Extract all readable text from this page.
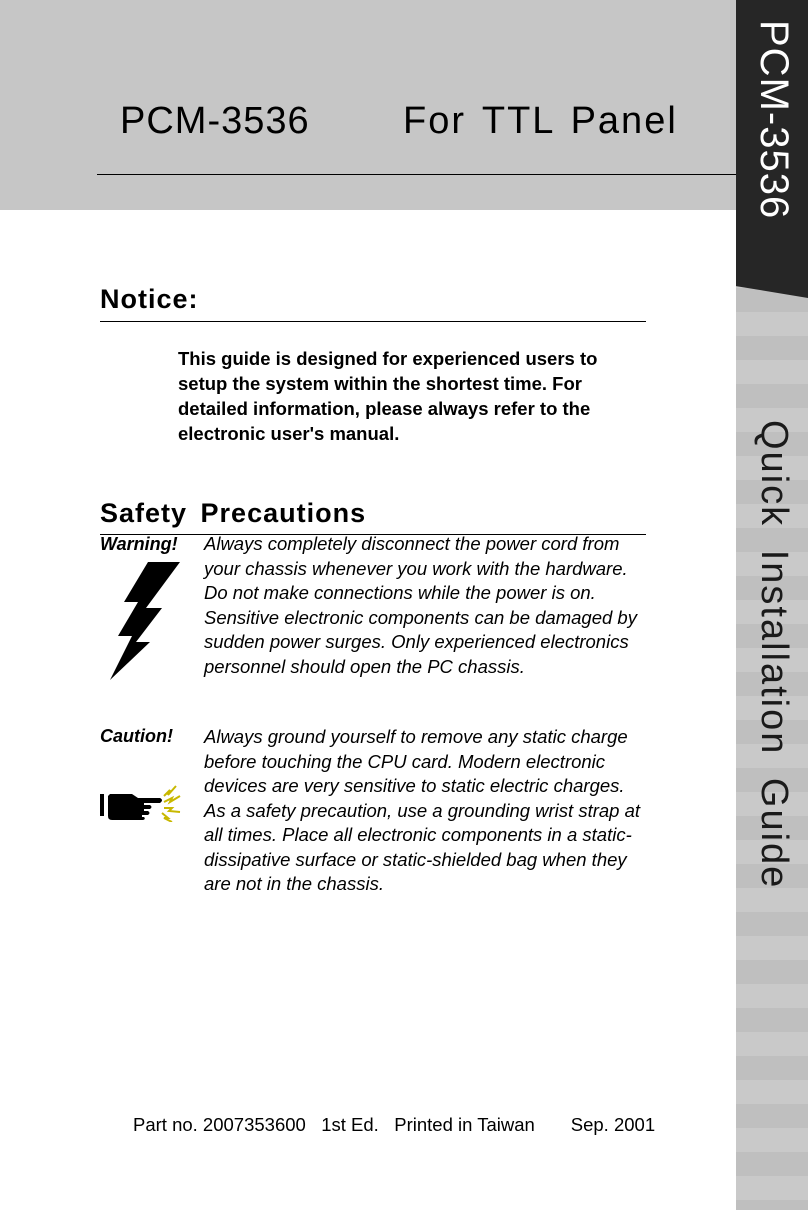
PCM-3536 For TTL Panel PCM-3536
Quick Installation Guide
Notice:
This guide is designed for experienced users to setup the system within the shortest time. For detailed information, please always refer to the electronic user's manual.
Safety Precautions
Warning! Always completely disconnect the power cord from your chassis whenever you work with the hardware. Do not make connections while the power is on. Sensitive electronic components can be damaged by sudden power surges. Only experienced electronics personnel should open the PC chassis.
Caution! Always ground yourself to remove any static charge before touching the CPU card. Modern electronic devices are very sensitive to static electric charges. As a safety precaution, use a grounding wrist strap at all times. Place all electronic components in a static-dissipative surface or static-shielded bag when they are not in the chassis.
Part no. 2007353600   1st Ed.   Printed in Taiwan       Sep. 2001
